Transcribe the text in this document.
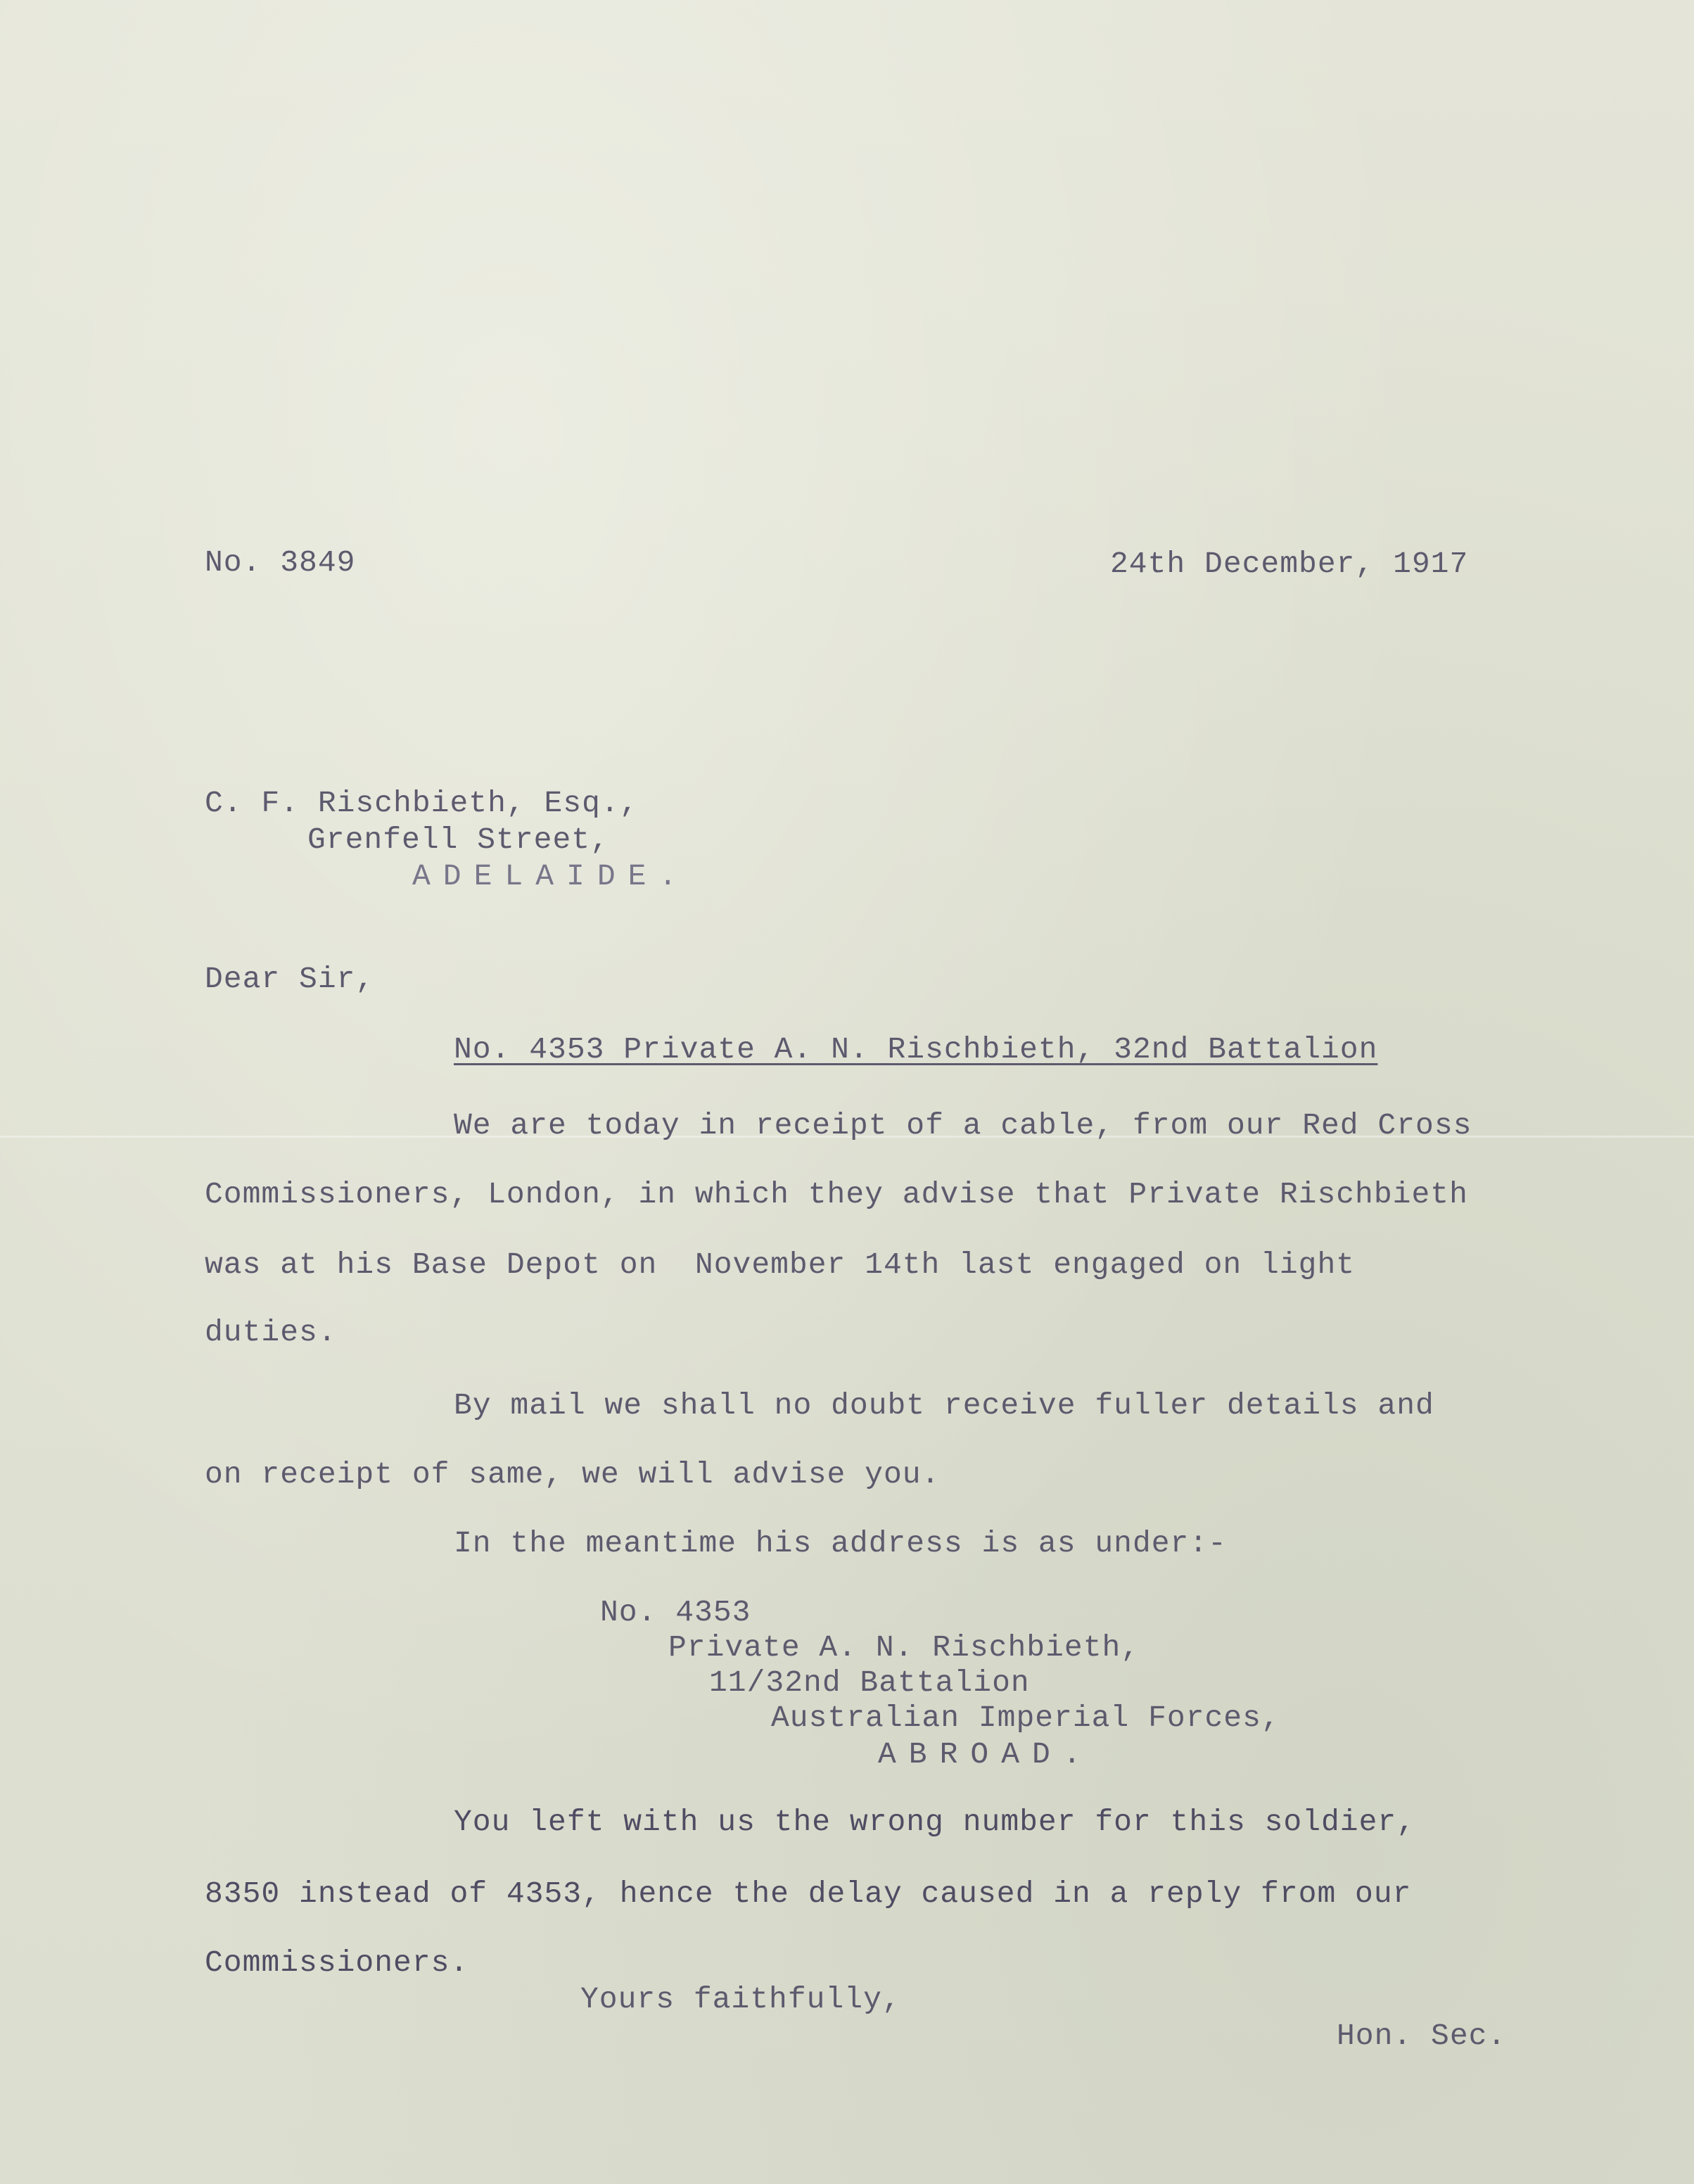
No. 3849	24th December, 1917
C. F. Rischbieth, Esq.,
Grenfell Street,
ADELAIDE.
Dear Sir,
No. 4353 Private A. N. Rischbieth, 32nd Battalion
We are today in receipt of a cable, from our Red Cross
Commissioners, London, in which they advise that Private Rischbieth
was at his Base Depot on  November 14th last engaged on light
duties.
By mail we shall no doubt receive fuller details and
on receipt of same, we will advise you.
In the meantime his address is as under:-
No. 4353
Private A. N. Rischbieth,
11/32nd Battalion
Australian Imperial Forces,
ABROAD.
You left with us the wrong number for this soldier,
8350 instead of 4353, hence the delay caused in a reply from our
Commissioners.
Yours faithfully,
Hon. Sec.
